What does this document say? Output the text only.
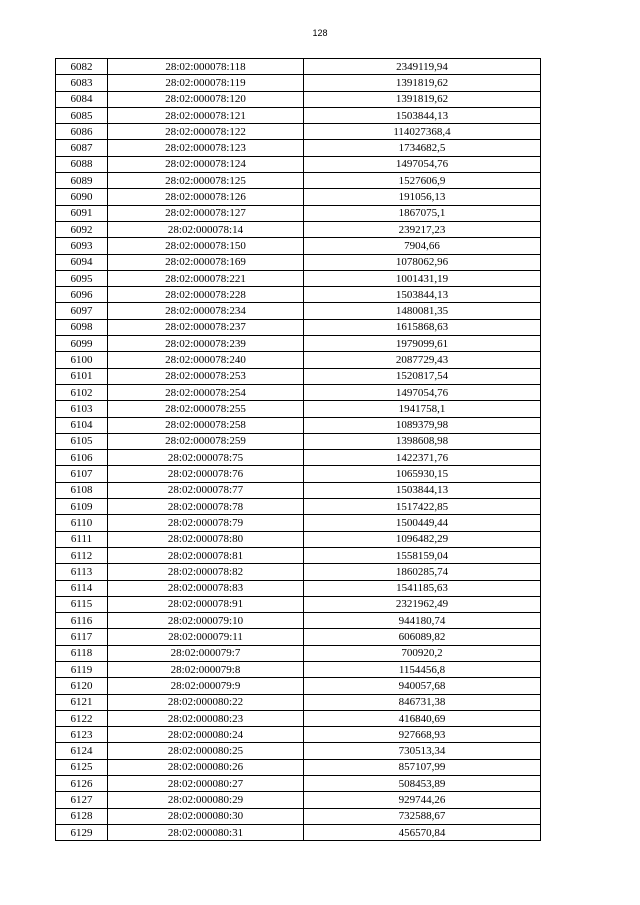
128
6082	28:02:000078:118	2349119,94
6083	28:02:000078:119	1391819,62
6084	28:02:000078:120	1391819,62
6085	28:02:000078:121	1503844,13
6086	28:02:000078:122	114027368,4
6087	28:02:000078:123	1734682,5
6088	28:02:000078:124	1497054,76
6089	28:02:000078:125	1527606,9
6090	28:02:000078:126	191056,13
6091	28:02:000078:127	1867075,1
6092	28:02:000078:14	239217,23
6093	28:02:000078:150	7904,66
6094	28:02:000078:169	1078062,96
6095	28:02:000078:221	1001431,19
6096	28:02:000078:228	1503844,13
6097	28:02:000078:234	1480081,35
6098	28:02:000078:237	1615868,63
6099	28:02:000078:239	1979099,61
6100	28:02:000078:240	2087729,43
6101	28:02:000078:253	1520817,54
6102	28:02:000078:254	1497054,76
6103	28:02:000078:255	1941758,1
6104	28:02:000078:258	1089379,98
6105	28:02:000078:259	1398608,98
6106	28:02:000078:75	1422371,76
6107	28:02:000078:76	1065930,15
6108	28:02:000078:77	1503844,13
6109	28:02:000078:78	1517422,85
6110	28:02:000078:79	1500449,44
6111	28:02:000078:80	1096482,29
6112	28:02:000078:81	1558159,04
6113	28:02:000078:82	1860285,74
6114	28:02:000078:83	1541185,63
6115	28:02:000078:91	2321962,49
6116	28:02:000079:10	944180,74
6117	28:02:000079:11	606089,82
6118	28:02:000079:7	700920,2
6119	28:02:000079:8	1154456,8
6120	28:02:000079:9	940057,68
6121	28:02:000080:22	846731,38
6122	28:02:000080:23	416840,69
6123	28:02:000080:24	927668,93
6124	28:02:000080:25	730513,34
6125	28:02:000080:26	857107,99
6126	28:02:000080:27	508453,89
6127	28:02:000080:29	929744,26
6128	28:02:000080:30	732588,67
6129	28:02:000080:31	456570,84
